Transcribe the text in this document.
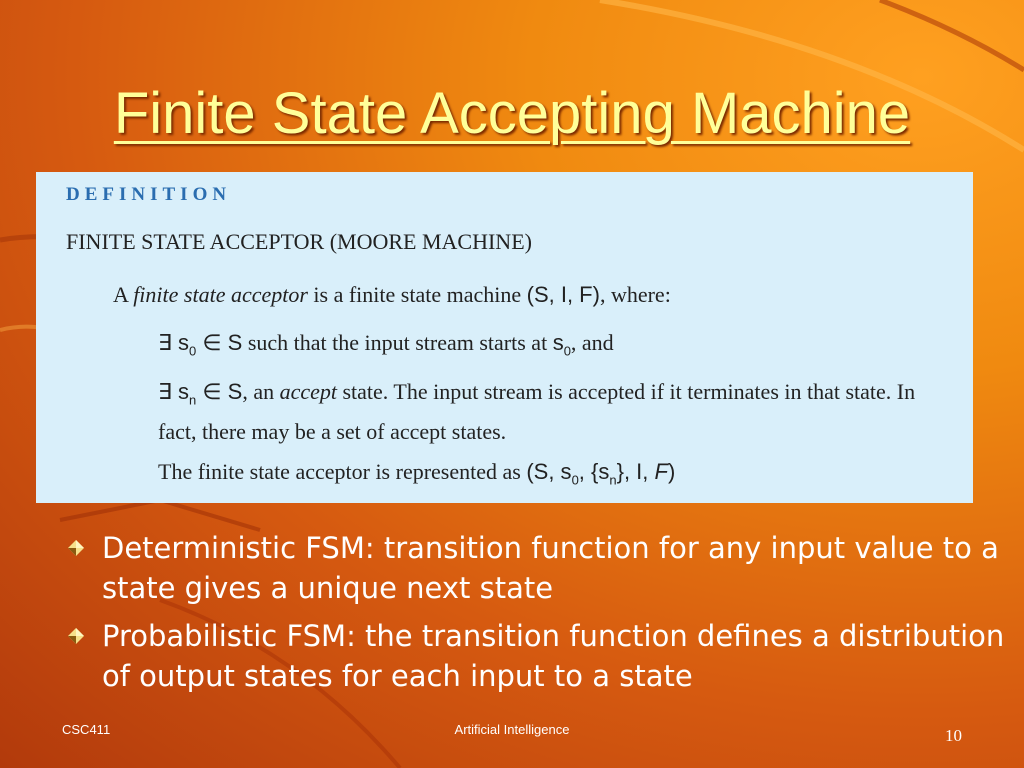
Finite State Accepting Machine
DEFINITION
FINITE STATE ACCEPTOR (MOORE MACHINE)
A finite state acceptor is a finite state machine (S, I, F), where:
∃ $s_0$ ∈ S such that the input stream starts at $s_0$, and
∃ $s_n$ ∈ S, an accept state. The input stream is accepted if it terminates in that state. In fact, there may be a set of accept states.
The finite state acceptor is represented as (S, $s_0$, $\{s_n\}$, I, F)
Deterministic FSM: transition function for any input value to a state gives a unique next state
Probabilistic FSM: the transition function defines a distribution of output states for each input to a state
CSC411	Artificial Intelligence	10
